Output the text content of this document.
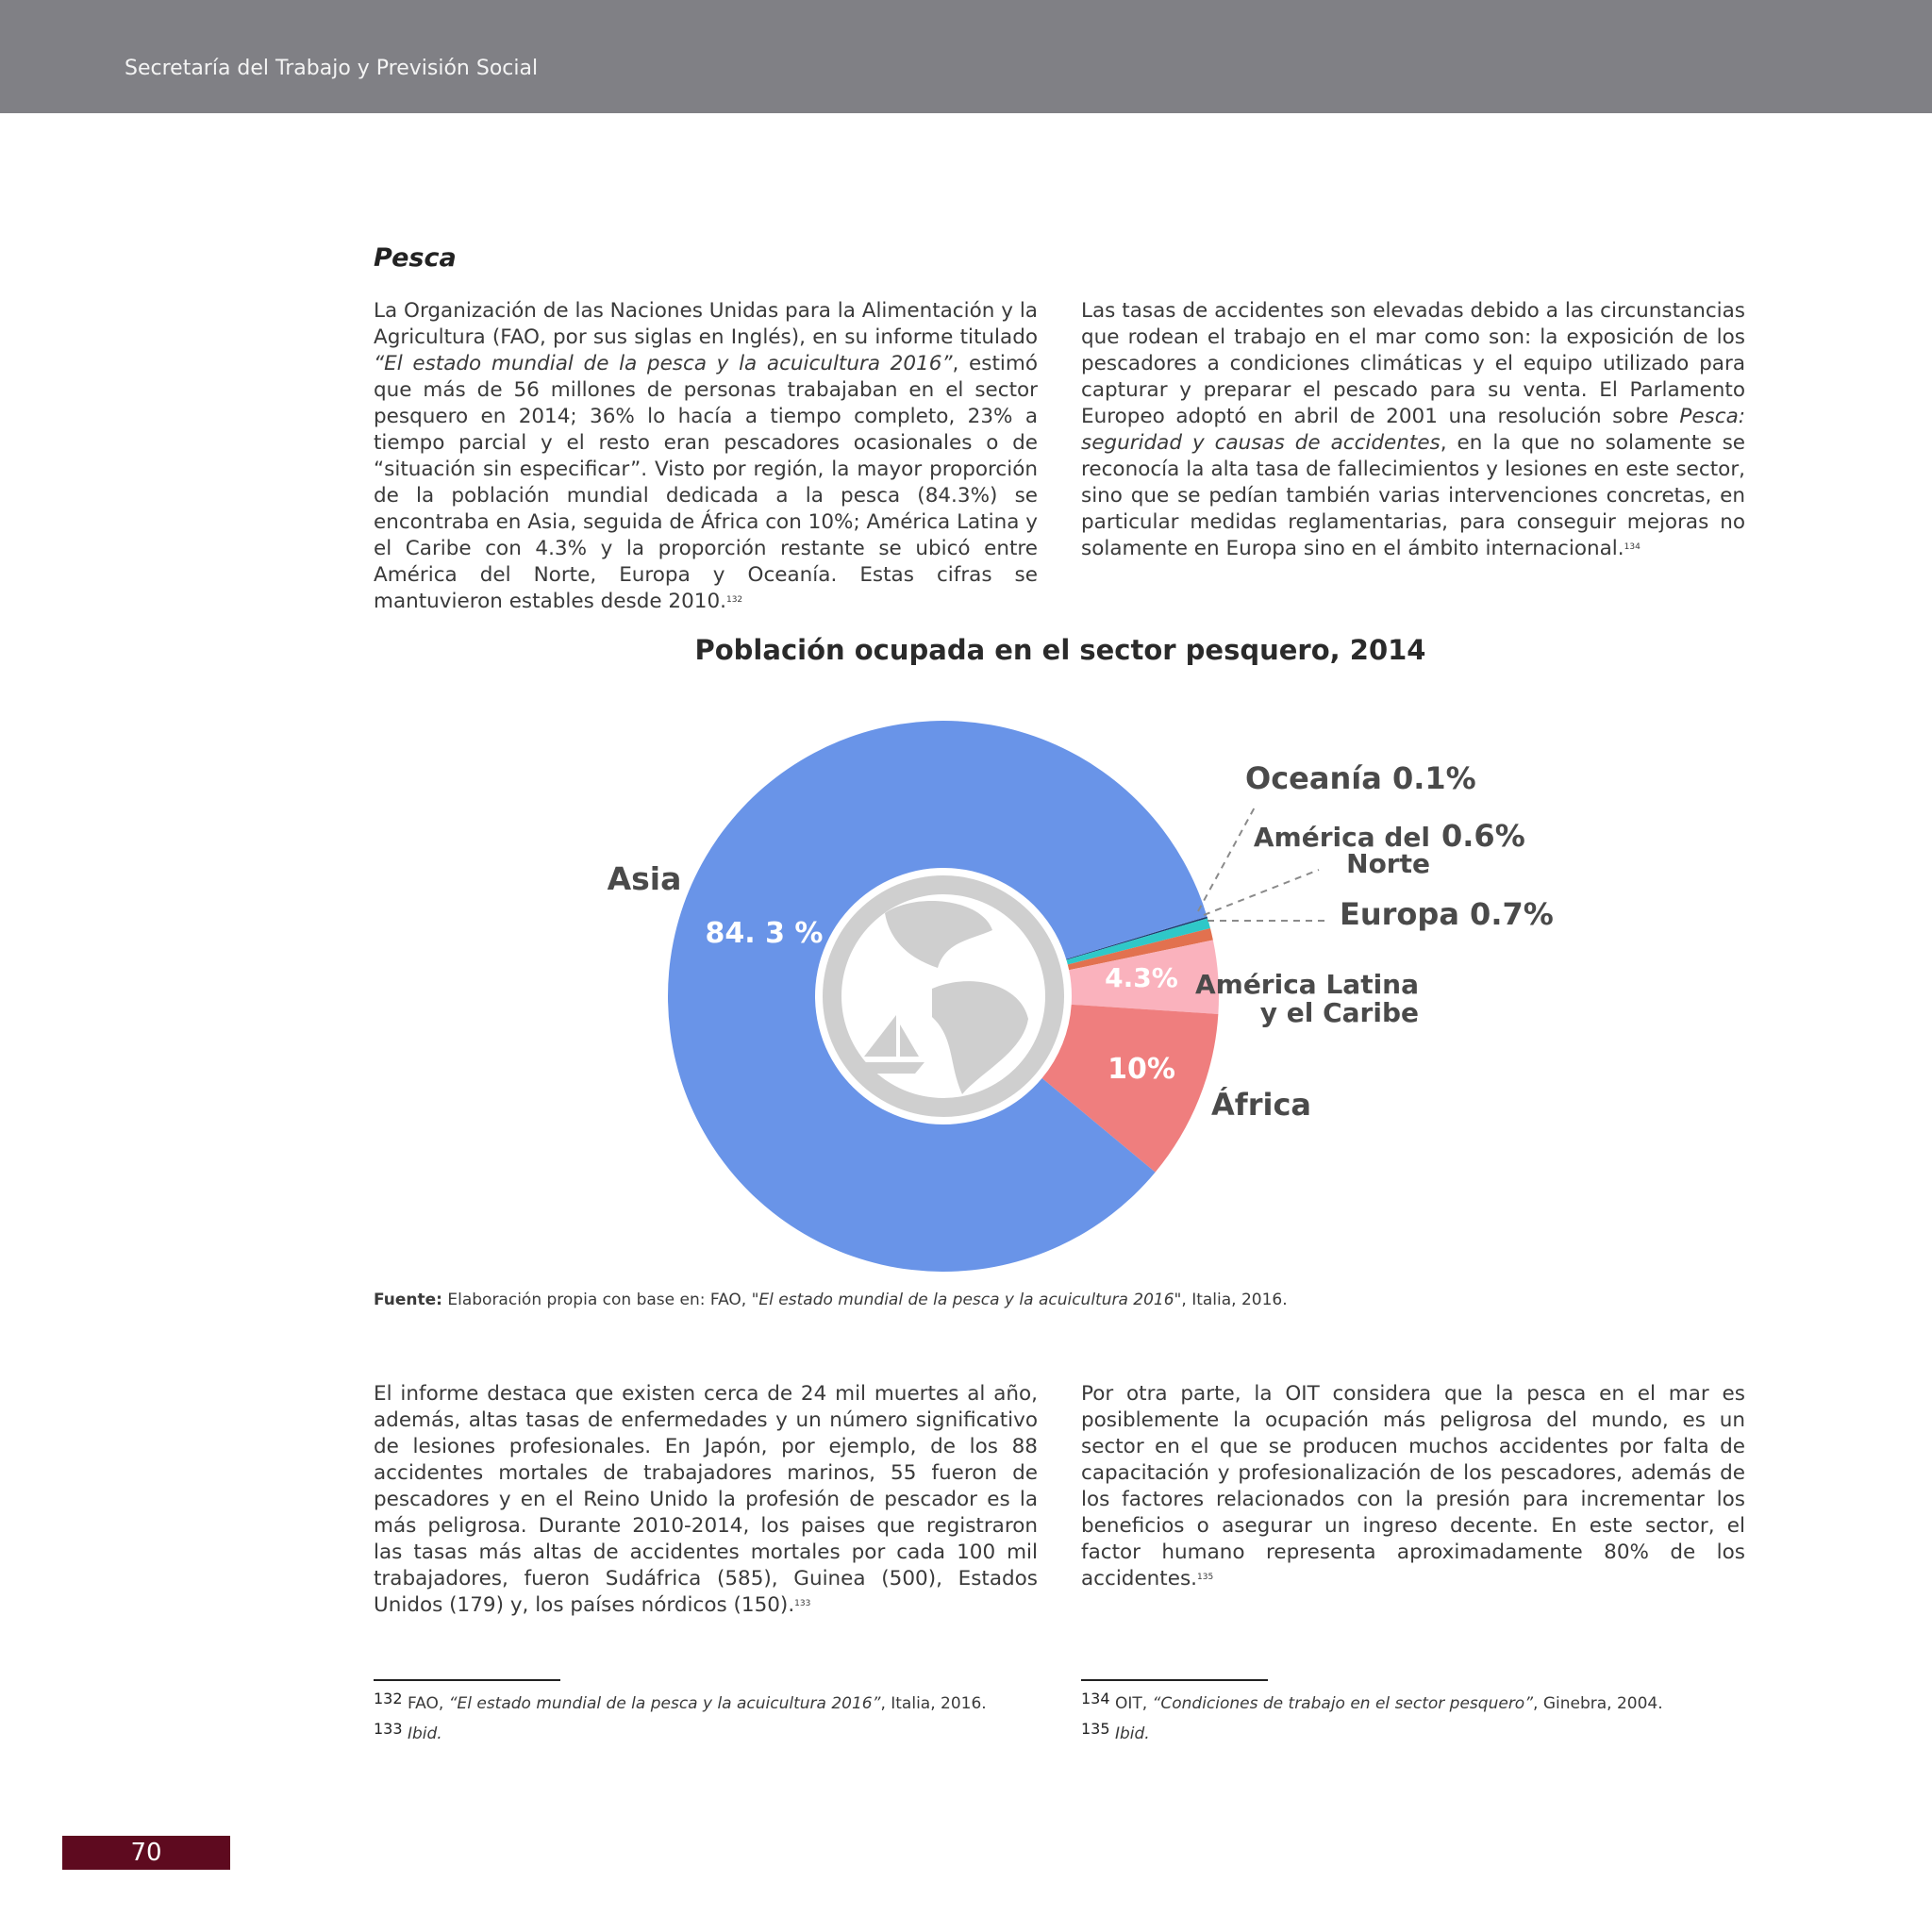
Secretaría del Trabajo y Previsión Social
Pesca

La Organización de las Naciones Unidas para la Alimentación y la Agricultura (FAO, por sus siglas en Inglés), en su informe titulado “El estado mundial de la pesca y la acuicultura 2016”, estimó que más de 56 millones de personas trabajaban en el sector pesquero en 2014; 36% lo hacía a tiempo completo, 23% a tiempo parcial y el resto eran pescadores ocasionales o de “situación sin especificar”. Visto por región, la mayor proporción de la población mundial dedicada a la pesca (84.3%) se encontraba en Asia, seguida de África con 10%; América Latina y el Caribe con 4.3% y la proporción restante se ubicó entre América del Norte, Europa y Oceanía. Estas cifras se mantuvieron estables desde 2010.$^{132}$

Las tasas de accidentes son elevadas debido a las circunstancias que rodean el trabajo en el mar como son: la exposición de los pescadores a condiciones climáticas y el equipo utilizado para capturar y preparar el pescado para su venta. El Parlamento Europeo adoptó en abril de 2001 una resolución sobre Pesca: seguridad y causas de accidentes, en la que no solamente se reconocía la alta tasa de fallecimientos y lesiones en este sector, sino que se pedían también varias intervenciones concretas, en particular medidas reglamentarias, para conseguir mejoras no solamente en Europa sino en el ámbito internacional.$^{134}$

Población ocupada en el sector pesquero, 2014
Asia
84. 3 %
4.3%
10%
Oceanía 0.1%
América del
Norte
0.6%
Europa 0.7%
América Latina
y el Caribe
África
Fuente: Elaboración propia con base en: FAO, "El estado mundial de la pesca y la acuicultura 2016", Italia, 2016.

El informe destaca que existen cerca de 24 mil muertes al año, además, altas tasas de enfermedades y un número significativo de lesiones profesionales. En Japón, por ejemplo, de los 88 accidentes mortales de trabajadores marinos, 55 fueron de pescadores y en el Reino Unido la profesión de pescador es la más peligrosa. Durante 2010-2014, los paises que registraron las tasas más altas de accidentes mortales por cada 100 mil trabajadores, fueron Sudáfrica (585), Guinea (500), Estados Unidos (179) y, los países nórdicos (150).$^{133}$

Por otra parte, la OIT considera que la pesca en el mar es posiblemente la ocupación más peligrosa del mundo, es un sector en el que se producen muchos accidentes por falta de capacitación y profesionalización de los pescadores, además de los factores relacionados con la presión para incrementar los beneficios o asegurar un ingreso decente. En este sector, el factor humano representa aproximadamente 80% de los accidentes.$^{135}$

$^{132}$ FAO, “El estado mundial de la pesca y la acuicultura 2016”, Italia, 2016.
$^{133}$ Ibid.
$^{134}$ OIT, “Condiciones de trabajo en el sector pesquero”, Ginebra, 2004.
$^{135}$ Ibid.
70
